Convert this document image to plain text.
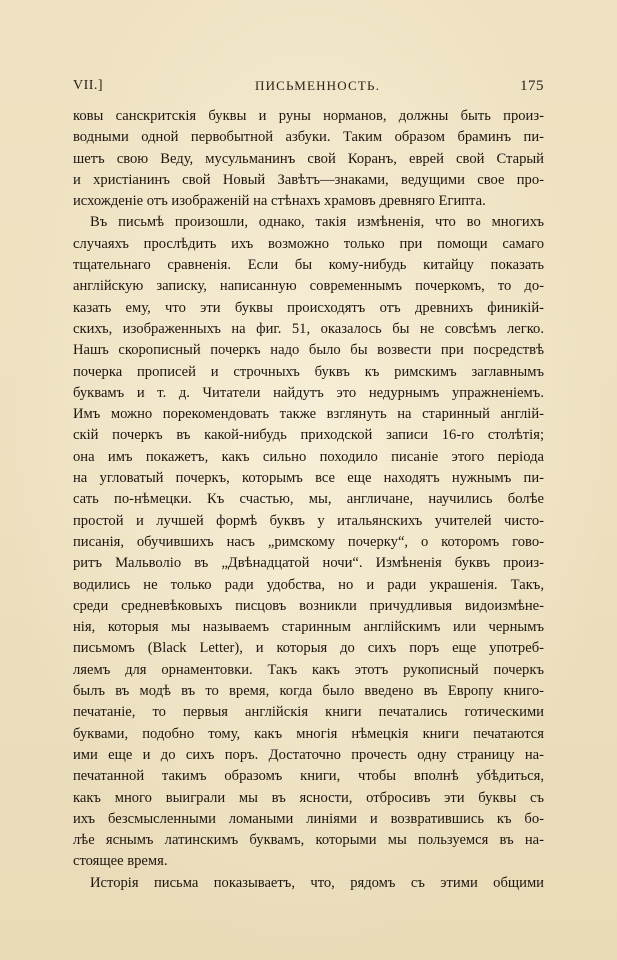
VII.]	ПИСЬМЕННОСТЬ.	175
ковы санскритскія буквы и руны норманов, должны быть произ-
водными одной первобытной азбуки. Таким образом браминъ пи-
шетъ свою Веду, мусульманинъ свой Коранъ, еврей свой Старый
и христіанинъ свой Новый Завѣтъ—знаками, ведущими свое про-
исхожденіе отъ изображеній на стѣнахъ храмовъ древняго Египта.
Въ письмѣ произошли, однако, такія измѣненія, что во многихъ
случаяхъ прослѣдить ихъ возможно только при помощи самаго
тщательнаго сравненія. Если бы кому-нибудь китайцу показать
англійскую записку, написанную современнымъ почеркомъ, то до-
казать ему, что эти буквы происходятъ отъ древнихъ финикій-
скихъ, изображенныхъ на фиг. 51, оказалось бы не совсѣмъ легко.
Нашъ скорописный почеркъ надо было бы возвести при посредствѣ
почерка прописей и строчныхъ буквъ къ римскимъ заглавнымъ
буквамъ и т. д. Читатели найдутъ это недурнымъ упражненіемъ.
Имъ можно порекомендовать также взглянуть на старинный англій-
скій почеркъ въ какой-нибудь приходской записи 16-го столѣтія;
она имъ покажетъ, какъ сильно походило писаніе этого періода
на угловатый почеркъ, которымъ все еще находятъ нужнымъ пи-
сать по-нѣмецки. Къ счастью, мы, англичане, научились болѣе
простой и лучшей формѣ буквъ у итальянскихъ учителей чисто-
писанія, обучившихъ насъ „римскому почерку“, о которомъ гово-
ритъ Мальволіо въ „Двѣнадцатой ночи“. Измѣненія буквъ произ-
водились не только ради удобства, но и ради украшенія. Такъ,
среди средневѣковыхъ писцовъ возникли причудливыя видоизмѣне-
нія, которыя мы называемъ старинным англійскимъ или чернымъ
письмомъ (Black Letter), и которыя до сихъ поръ еще употреб-
ляемъ для орнаментовки. Такъ какъ этотъ рукописный почеркъ
былъ въ модѣ въ то время, когда было введено въ Европу книго-
печатаніе, то первыя англійскія книги печатались готическими
буквами, подобно тому, какъ многія нѣмецкія книги печатаются
ими еще и до сихъ поръ. Достаточно прочесть одну страницу на-
печатанной такимъ образомъ книги, чтобы вполнѣ убѣдиться,
какъ много выиграли мы въ ясности, отбросивъ эти буквы съ
ихъ безсмысленными ломаными линіями и возвратившись къ бо-
лѣе яснымъ латинскимъ буквамъ, которыми мы пользуемся въ на-
стоящее время.
Исторія письма показываетъ, что, рядомъ съ этими общими
